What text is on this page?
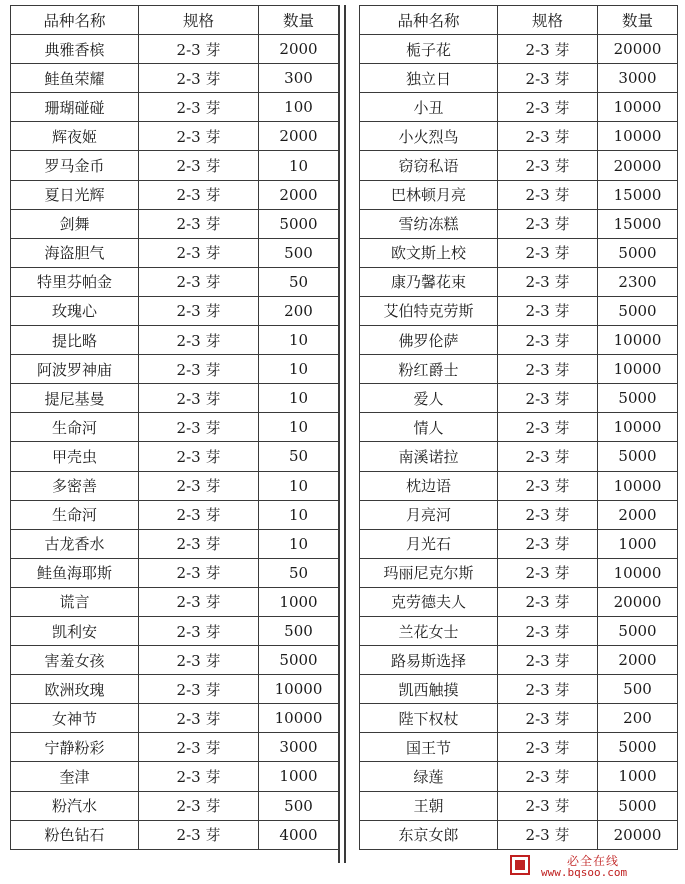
品种名称	规格	数量
典雅香槟	2-3 芽	2000
鲑鱼荣耀	2-3 芽	300
珊瑚碰碰	2-3 芽	100
辉夜姬	2-3 芽	2000
罗马金币	2-3 芽	10
夏日光辉	2-3 芽	2000
剑舞	2-3 芽	5000
海盗胆气	2-3 芽	500
特里芬帕金	2-3 芽	50
玫瑰心	2-3 芽	200
提比略	2-3 芽	10
阿波罗神庙	2-3 芽	10
提尼基曼	2-3 芽	10
生命河	2-3 芽	10
甲壳虫	2-3 芽	50
多密善	2-3 芽	10
生命河	2-3 芽	10
古龙香水	2-3 芽	10
鲑鱼海耶斯	2-3 芽	50
谎言	2-3 芽	1000
凯利安	2-3 芽	500
害羞女孩	2-3 芽	5000
欧洲玫瑰	2-3 芽	10000
女神节	2-3 芽	10000
宁静粉彩	2-3 芽	3000
奎津	2-3 芽	1000
粉汽水	2-3 芽	500
粉色钻石	2-3 芽	4000
品种名称	规格	数量
栀子花	2-3 芽	20000
独立日	2-3 芽	3000
小丑	2-3 芽	10000
小火烈鸟	2-3 芽	10000
窃窃私语	2-3 芽	20000
巴林顿月亮	2-3 芽	15000
雪纺冻糕	2-3 芽	15000
欧文斯上校	2-3 芽	5000
康乃馨花束	2-3 芽	2300
艾伯特克劳斯	2-3 芽	5000
佛罗伦萨	2-3 芽	10000
粉红爵士	2-3 芽	10000
爱人	2-3 芽	5000
情人	2-3 芽	10000
南溪诺拉	2-3 芽	5000
枕边语	2-3 芽	10000
月亮河	2-3 芽	2000
月光石	2-3 芽	1000
玛丽尼克尔斯	2-3 芽	10000
克劳德夫人	2-3 芽	20000
兰花女士	2-3 芽	5000
路易斯选择	2-3 芽	2000
凯西触摸	2-3 芽	500
陛下权杖	2-3 芽	200
国王节	2-3 芽	5000
绿莲	2-3 芽	1000
王朝	2-3 芽	5000
东京女郎	2-3 芽	20000
必全在线
www.bqsoo.com
